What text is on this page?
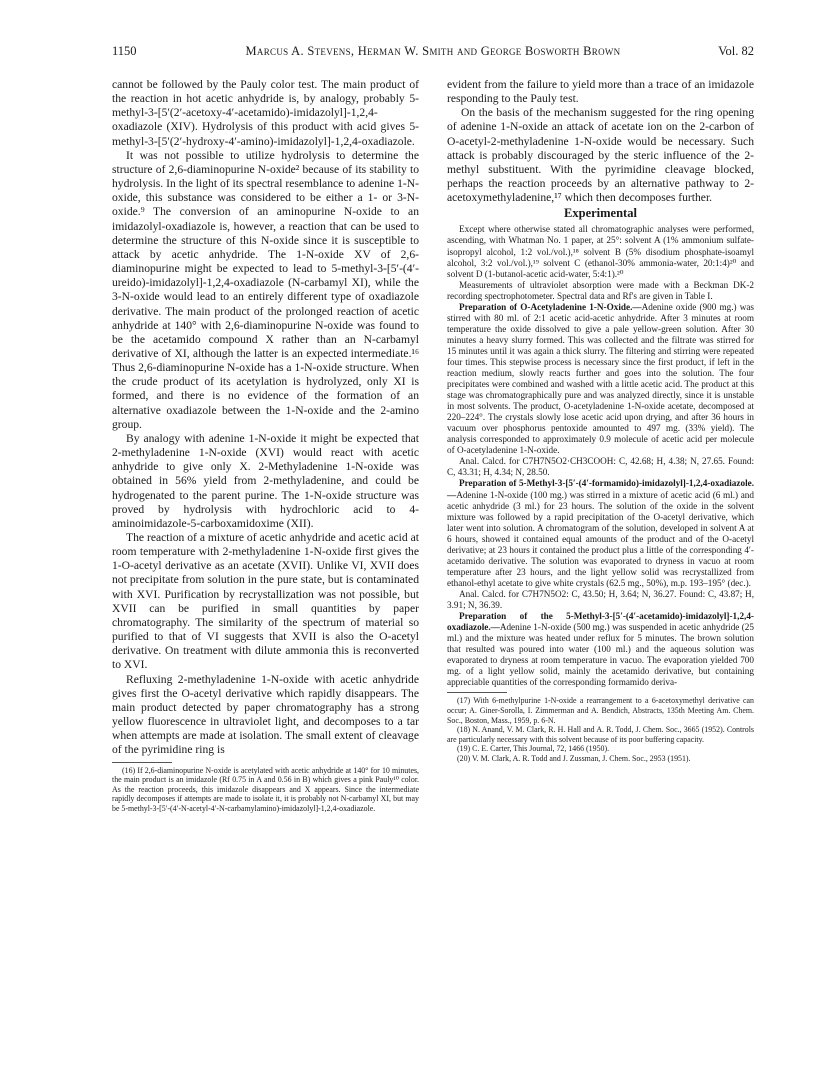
1150	Marcus A. Stevens, Herman W. Smith and George Bosworth Brown	Vol. 82

cannot be followed by the Pauly color test. The main product of the reaction in hot acetic anhydride is, by analogy, probably 5-methyl-3-[5′(2′-acetoxy-4′-acetamido)-imidazolyl]-1,2,4-oxadiazole (XIV). Hydrolysis of this product with acid gives 5-methyl-3-[5′(2′-hydroxy-4′-amino)-imidazolyl]-1,2,4-oxadiazole.

It was not possible to utilize hydrolysis to determine the structure of 2,6-diaminopurine N-oxide² because of its stability to hydrolysis. In the light of its spectral resemblance to adenine 1-N-oxide, this substance was considered to be either a 1- or 3-N-oxide.⁹ The conversion of an aminopurine N-oxide to an imidazolyl-oxadiazole is, however, a reaction that can be used to determine the structure of this N-oxide since it is susceptible to attack by acetic anhydride. The 1-N-oxide XV of 2,6-diaminopurine might be expected to lead to 5-methyl-3-[5′-(4′-ureido)-imidazolyl]-1,2,4-oxadiazole (N-carbamyl XI), while the 3-N-oxide would lead to an entirely different type of oxadiazole derivative. The main product of the prolonged reaction of acetic anhydride at 140° with 2,6-diaminopurine N-oxide was found to be the acetamido compound X rather than an N-carbamyl derivative of XI, although the latter is an expected intermediate.¹⁶ Thus 2,6-diaminopurine N-oxide has a 1-N-oxide structure. When the crude product of its acetylation is hydrolyzed, only XI is formed, and there is no evidence of the formation of an alternative oxadiazole between the 1-N-oxide and the 2-amino group.

By analogy with adenine 1-N-oxide it might be expected that 2-methyladenine 1-N-oxide (XVI) would react with acetic anhydride to give only X. 2-Methyladenine 1-N-oxide was obtained in 56% yield from 2-methyladenine, and could be hydrogenated to the parent purine. The 1-N-oxide structure was proved by hydrolysis with hydrochloric acid to 4-aminoimidazole-5-carboxamidoxime (XII).

The reaction of a mixture of acetic anhydride and acetic acid at room temperature with 2-methyladenine 1-N-oxide first gives the 1-O-acetyl derivative as an acetate (XVII). Unlike VI, XVII does not precipitate from solution in the pure state, but is contaminated with XVI. Purification by recrystallization was not possible, but XVII can be purified in small quantities by paper chromatography. The similarity of the spectrum of material so purified to that of VI suggests that XVII is also the O-acetyl derivative. On treatment with dilute ammonia this is reconverted to XVI.

Refluxing 2-methyladenine 1-N-oxide with acetic anhydride gives first the O-acetyl derivative which rapidly disappears. The main product detected by paper chromatography has a strong yellow fluorescence in ultraviolet light, and decomposes to a tar when attempts are made at isolation. The small extent of cleavage of the pyrimidine ring is

(16) If 2,6-diaminopurine N-oxide is acetylated with acetic anhydride at 140° for 10 minutes, the main product is an imidazole (Rf 0.75 in A and 0.56 in B) which gives a pink Pauly¹⁰ color. As the reaction proceeds, this imidazole disappears and X appears. Since the intermediate rapidly decomposes if attempts are made to isolate it, it is probably not N-carbamyl XI, but may be 5-methyl-3-[5′-(4′-N-acetyl-4′-N-carbamylamino)-imidazolyl]-1,2,4-oxadiazole.

evident from the failure to yield more than a trace of an imidazole responding to the Pauly test.

On the basis of the mechanism suggested for the ring opening of adenine 1-N-oxide an attack of acetate ion on the 2-carbon of O-acetyl-2-methyladenine 1-N-oxide would be necessary. Such attack is probably discouraged by the steric influence of the 2-methyl substituent. With the pyrimidine cleavage blocked, perhaps the reaction proceeds by an alternative pathway to 2-acetoxymethyladenine,¹⁷ which then decomposes further.

Experimental

Except where otherwise stated all chromatographic analyses were performed, ascending, with Whatman No. 1 paper, at 25°: solvent A (1% ammonium sulfate-isopropyl alcohol, 1:2 vol./vol.),¹⁸ solvent B (5% disodium phosphate-isoamyl alcohol, 3:2 vol./vol.),¹⁹ solvent C (ethanol-30% ammonia-water, 20:1:4)²⁰ and solvent D (1-butanol-acetic acid-water, 5:4:1).²⁰

Measurements of ultraviolet absorption were made with a Beckman DK-2 recording spectrophotometer. Spectral data and Rf's are given in Table I.

Preparation of O-Acetyladenine 1-N-Oxide.—Adenine oxide (900 mg.) was stirred with 80 ml. of 2:1 acetic acid-acetic anhydride. After 3 minutes at room temperature the oxide dissolved to give a pale yellow-green solution. After 30 minutes a heavy slurry formed. This was collected and the filtrate was stirred for 15 minutes until it was again a thick slurry. The filtering and stirring were repeated four times. This stepwise process is necessary since the first product, if left in the reaction medium, slowly reacts further and goes into the solution. The four precipitates were combined and washed with a little acetic acid. The product at this stage was chromatographically pure and was analyzed directly, since it is unstable in most solvents. The product, O-acetyladenine 1-N-oxide acetate, decomposed at 220–224°. The crystals slowly lose acetic acid upon drying, and after 36 hours in vacuum over phosphorus pentoxide amounted to 497 mg. (33% yield). The analysis corresponded to approximately 0.9 molecule of acetic acid per molecule of O-acetyladenine 1-N-oxide.

Anal. Calcd. for C7H7N5O2·CH3COOH: C, 42.68; H, 4.38; N, 27.65. Found: C, 43.31; H, 4.34; N, 28.50.

Preparation of 5-Methyl-3-[5′-(4′-formamido)-imidazolyl]-1,2,4-oxadiazole.—Adenine 1-N-oxide (100 mg.) was stirred in a mixture of acetic acid (6 ml.) and acetic anhydride (3 ml.) for 23 hours. The solution of the oxide in the solvent mixture was followed by a rapid precipitation of the O-acetyl derivative, which later went into solution. A chromatogram of the solution, developed in solvent A at 6 hours, showed it contained equal amounts of the product and of the O-acetyl derivative; at 23 hours it contained the product plus a little of the corresponding 4′-acetamido derivative. The solution was evaporated to dryness in vacuo at room temperature after 23 hours, and the light yellow solid was recrystallized from ethanol-ethyl acetate to give white crystals (62.5 mg., 50%), m.p. 193–195° (dec.).

Anal. Calcd. for C7H7N5O2: C, 43.50; H, 3.64; N, 36.27. Found: C, 43.87; H, 3.91; N, 36.39.

Preparation of the 5-Methyl-3-[5′-(4′-acetamido)-imidazolyl]-1,2,4-oxadiazole.—Adenine 1-N-oxide (500 mg.) was suspended in acetic anhydride (25 ml.) and the mixture was heated under reflux for 5 minutes. The brown solution that resulted was poured into water (100 ml.) and the aqueous solution was evaporated to dryness at room temperature in vacuo. The evaporation yielded 700 mg. of a light yellow solid, mainly the acetamido derivative, but containing appreciable quantities of the corresponding formamido deriva-

(17) With 6-methylpurine 1-N-oxide a rearrangement to a 6-acetoxymethyl derivative can occur; A. Giner-Sorolla, I. Zimmerman and A. Bendich, Abstracts, 135th Meeting Am. Chem. Soc., Boston, Mass., 1959, p. 6-N.

(18) N. Anand, V. M. Clark, R. H. Hall and A. R. Todd, J. Chem. Soc., 3665 (1952). Controls are particularly necessary with this solvent because of its poor buffering capacity.

(19) C. E. Carter, This Journal, 72, 1466 (1950).

(20) V. M. Clark, A. R. Todd and J. Zussman, J. Chem. Soc., 2953 (1951).
